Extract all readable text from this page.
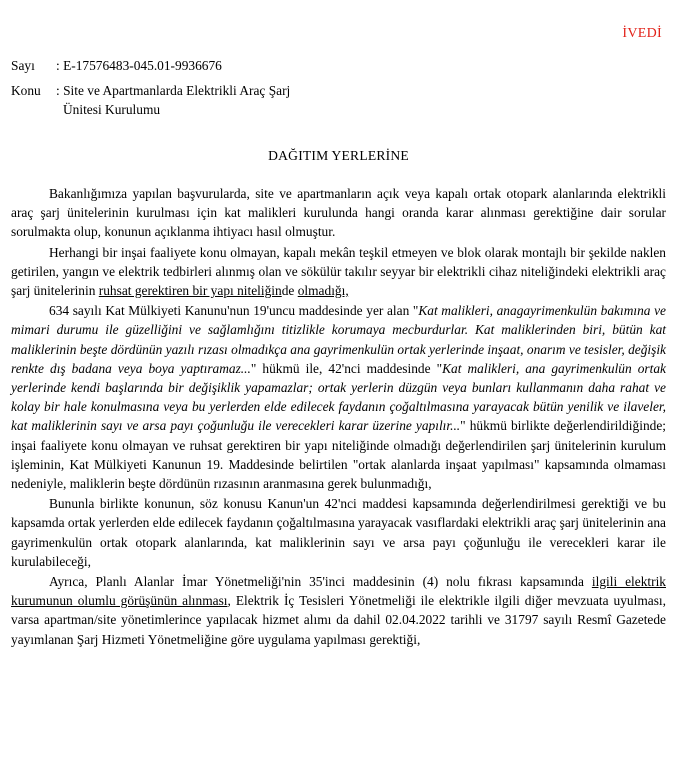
İVEDİ
Sayı : E-17576483-045.01-9936676
Konu : Site ve Apartmanlarda Elektrikli Araç Şarj
Ünitesi Kurulumu
DAĞITIM YERLERİNE

Bakanlığımıza yapılan başvurularda, site ve apartmanların açık veya kapalı ortak otopark alanlarında elektrikli araç şarj ünitelerinin kurulması için kat malikleri kurulunda hangi oranda karar alınması gerektiğine dair sorular sorulmakta olup, konunun açıklanma ihtiyacı hasıl olmuştur.

Herhangi bir inşai faaliyete konu olmayan, kapalı mekân teşkil etmeyen ve blok olarak montajlı bir şekilde naklen getirilen, yangın ve elektrik tedbirleri alınmış olan ve sökülür takılır seyyar bir elektrikli cihaz niteliğindeki elektrikli araç şarj ünitelerinin ruhsat gerektiren bir yapı niteliğinde olmadığı,

634 sayılı Kat Mülkiyeti Kanunu'nun 19'uncu maddesinde yer alan "Kat malikleri, anagayrimenkulün bakımına ve mimari durumu ile güzelliğini ve sağlamlığını titizlikle korumaya mecburdurlar. Kat maliklerinden biri, bütün kat maliklerinin beşte dördünün yazılı rızası olmadıkça ana gayrimenkulün ortak yerlerinde inşaat, onarım ve tesisler, değişik renkte dış badana veya boya yaptıramaz..." hükmü ile, 42'nci maddesinde "Kat malikleri, ana gayrimenkulün ortak yerlerinde kendi başlarında bir değişiklik yapamazlar; ortak yerlerin düzgün veya bunları kullanmanın daha rahat ve kolay bir hale konulmasına veya bu yerlerden elde edilecek faydanın çoğaltılmasına yarayacak bütün yenilik ve ilaveler, kat maliklerinin sayı ve arsa payı çoğunluğu ile verecekleri karar üzerine yapılır..." hükmü birlikte değerlendirildiğinde; inşai faaliyete konu olmayan ve ruhsat gerektiren bir yapı niteliğinde olmadığı değerlendirilen şarj ünitelerinin kurulum işleminin, Kat Mülkiyeti Kanunun 19. Maddesinde belirtilen "ortak alanlarda inşaat yapılması" kapsamında olmaması nedeniyle, maliklerin beşte dördünün rızasının aranmasına gerek bulunmadığı,

Bununla birlikte konunun, söz konusu Kanun'un 42'nci maddesi kapsamında değerlendirilmesi gerektiği ve bu kapsamda ortak yerlerden elde edilecek faydanın çoğaltılmasına yarayacak vasıflardaki elektrikli araç şarj ünitelerinin ana gayrimenkulün ortak otopark alanlarında, kat maliklerinin sayı ve arsa payı çoğunluğu ile verecekleri karar ile kurulabileceği,

Ayrıca, Planlı Alanlar İmar Yönetmeliği'nin 35'inci maddesinin (4) nolu fıkrası kapsamında ilgili elektrik kurumunun olumlu görüşünün alınması, Elektrik İç Tesisleri Yönetmeliği ile elektrikle ilgili diğer mevzuata uyulması, varsa apartman/site yönetimlerince yapılacak hizmet alımı da dahil 02.04.2022 tarihli ve 31797 sayılı Resmî Gazetede yayımlanan Şarj Hizmeti Yönetmeliğine göre uygulama yapılması gerektiği,
